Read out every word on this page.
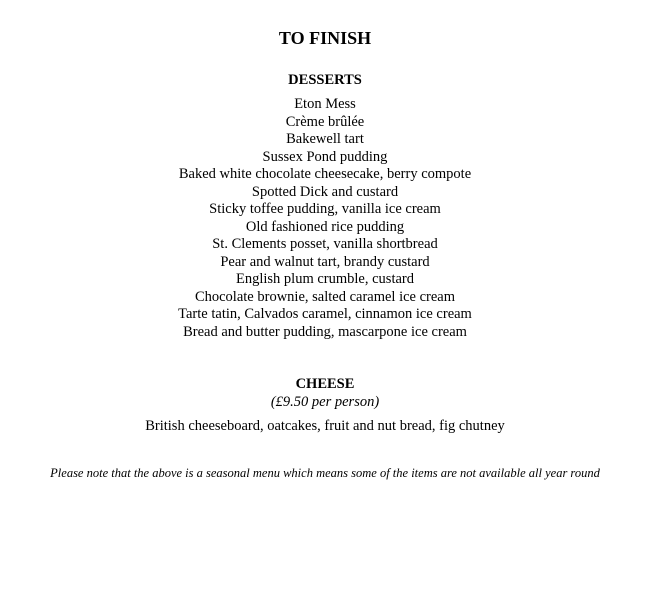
TO FINISH
DESSERTS
Eton Mess
Crème brûlée
Bakewell tart
Sussex Pond pudding
Baked white chocolate cheesecake, berry compote
Spotted Dick and custard
Sticky toffee pudding, vanilla ice cream
Old fashioned rice pudding
St. Clements posset, vanilla shortbread
Pear and walnut tart, brandy custard
English plum crumble, custard
Chocolate brownie, salted caramel ice cream
Tarte tatin, Calvados caramel, cinnamon ice cream
Bread and butter pudding, mascarpone ice cream
CHEESE
(£9.50 per person)
British cheeseboard, oatcakes, fruit and nut bread, fig chutney
Please note that the above is a seasonal menu which means some of the items are not available all year round
